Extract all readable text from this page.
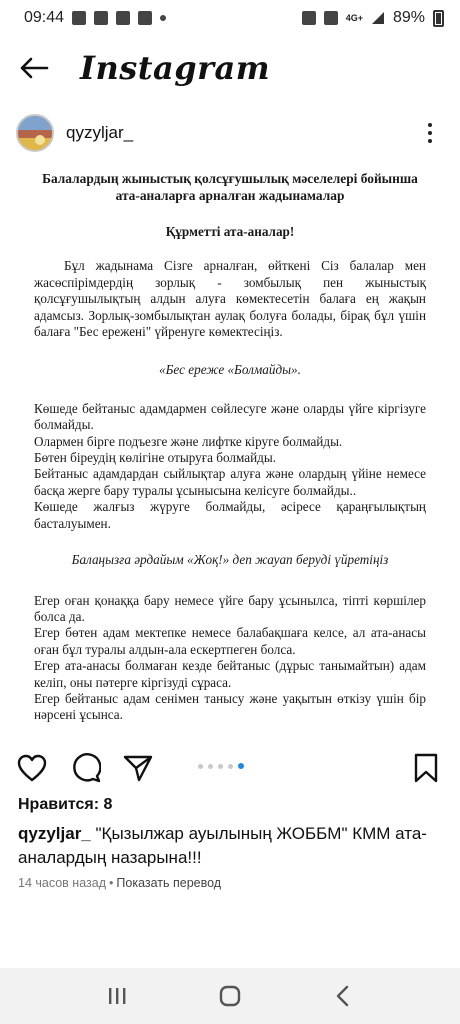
09:44	4G+ 89%
Instagram
qyzyljar_
Балалардың жыныстық қолсұғушылық мәселелері бойынша ата-аналарға арналған жадынамалар
Құрметті ата-аналар!

Бұл жадынама Сізге арналған, өйткені Сіз балалар мен жасөспірімдердің зорлық - зомбылық пен жыныстық қолсұғушылықтың алдын алуға көмектесетін балаға ең жақын адамсыз. Зорлық-зомбылықтан аулақ болуға болады, бірақ бұл үшін балаға "Бес ережені" үйренуге көмектесіңіз.

«Бес ереже «Болмайды».

Көшеде бейтаныс адамдармен сөйлесуге және оларды үйге кіргізуге болмайды.

Олармен бірге подъезге және лифтке кіруге болмайды.

Бөтен біреудің көлігіне отыруға болмайды.

Бейтаныс адамдардан сыйлықтар алуға және олардың үйіне немесе басқа жерге бару туралы ұсынысына келісуге болмайды..

Көшеде жалғыз жүруге болмайды, әсіресе қараңғылықтың басталуымен.

Балаңызға әрдайым «Жоқ!» деп жауап беруді үйретіңіз

Егер оған қонаққа бару немесе үйге бару ұсынылса, тіпті көршілер болса да.

Егер бөтен адам мектепке немесе балабақшаға келсе, ал ата-анасы оған бұл туралы алдын-ала ескертпеген болса.

Егер ата-анасы болмаған кезде бейтаныс (дұрыс танымайтын) адам келіп, оны пәтерге кіргізуді сұраса.

Егер бейтаныс адам сенімен танысу және уақытын өткізу үшін бір нәрсені ұсынса.

Нравится: 8
qyzyljar_ "Қызылжар ауылының ЖОББМ" КММ ата-аналардың назарына!!!
14 часов назад • Показать перевод
